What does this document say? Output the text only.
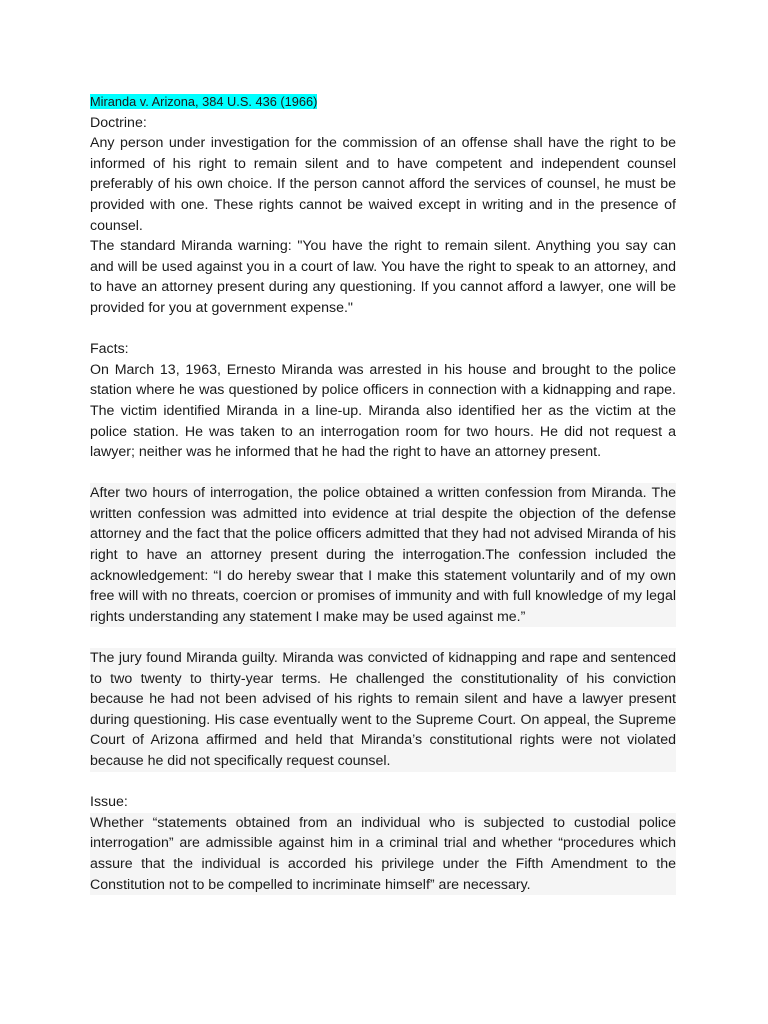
Miranda v. Arizona, 384 U.S. 436 (1966)
Doctrine:

Any person under investigation for the commission of an offense shall have the right to be informed of his right to remain silent and to have competent and independent counsel preferably of his own choice. If the person cannot afford the services of counsel, he must be provided with one. These rights cannot be waived except in writing and in the presence of counsel.

The standard Miranda warning: "You have the right to remain silent. Anything you say can and will be used against you in a court of law. You have the right to speak to an attorney, and to have an attorney present during any questioning. If you cannot afford a lawyer, one will be provided for you at government expense."

Facts:

On March 13, 1963, Ernesto Miranda was arrested in his house and brought to the police station where he was questioned by police officers in connection with a kidnapping and rape. The victim identified Miranda in a line-up. Miranda also identified her as the victim at the police station. He was taken to an interrogation room for two hours. He did not request a lawyer; neither was he informed that he had the right to have an attorney present.

After two hours of interrogation, the police obtained a written confession from Miranda. The written confession was admitted into evidence at trial despite the objection of the defense attorney and the fact that the police officers admitted that they had not advised Miranda of his right to have an attorney present during the interrogation.The confession included the acknowledgement: “I do hereby swear that I make this statement voluntarily and of my own free will with no threats, coercion or promises of immunity and with full knowledge of my legal rights understanding any statement I make may be used against me.”

The jury found Miranda guilty. Miranda was convicted of kidnapping and rape and sentenced to two twenty to thirty-year terms. He challenged the constitutionality of his conviction because he had not been advised of his rights to remain silent and have a lawyer present during questioning. His case eventually went to the Supreme Court. On appeal, the Supreme Court of Arizona affirmed and held that Miranda’s constitutional rights were not violated because he did not specifically request counsel.

Issue:

Whether “statements obtained from an individual who is subjected to custodial police interrogation” are admissible against him in a criminal trial and whether “procedures which assure that the individual is accorded his privilege under the Fifth Amendment to the Constitution not to be compelled to incriminate himself” are necessary.
